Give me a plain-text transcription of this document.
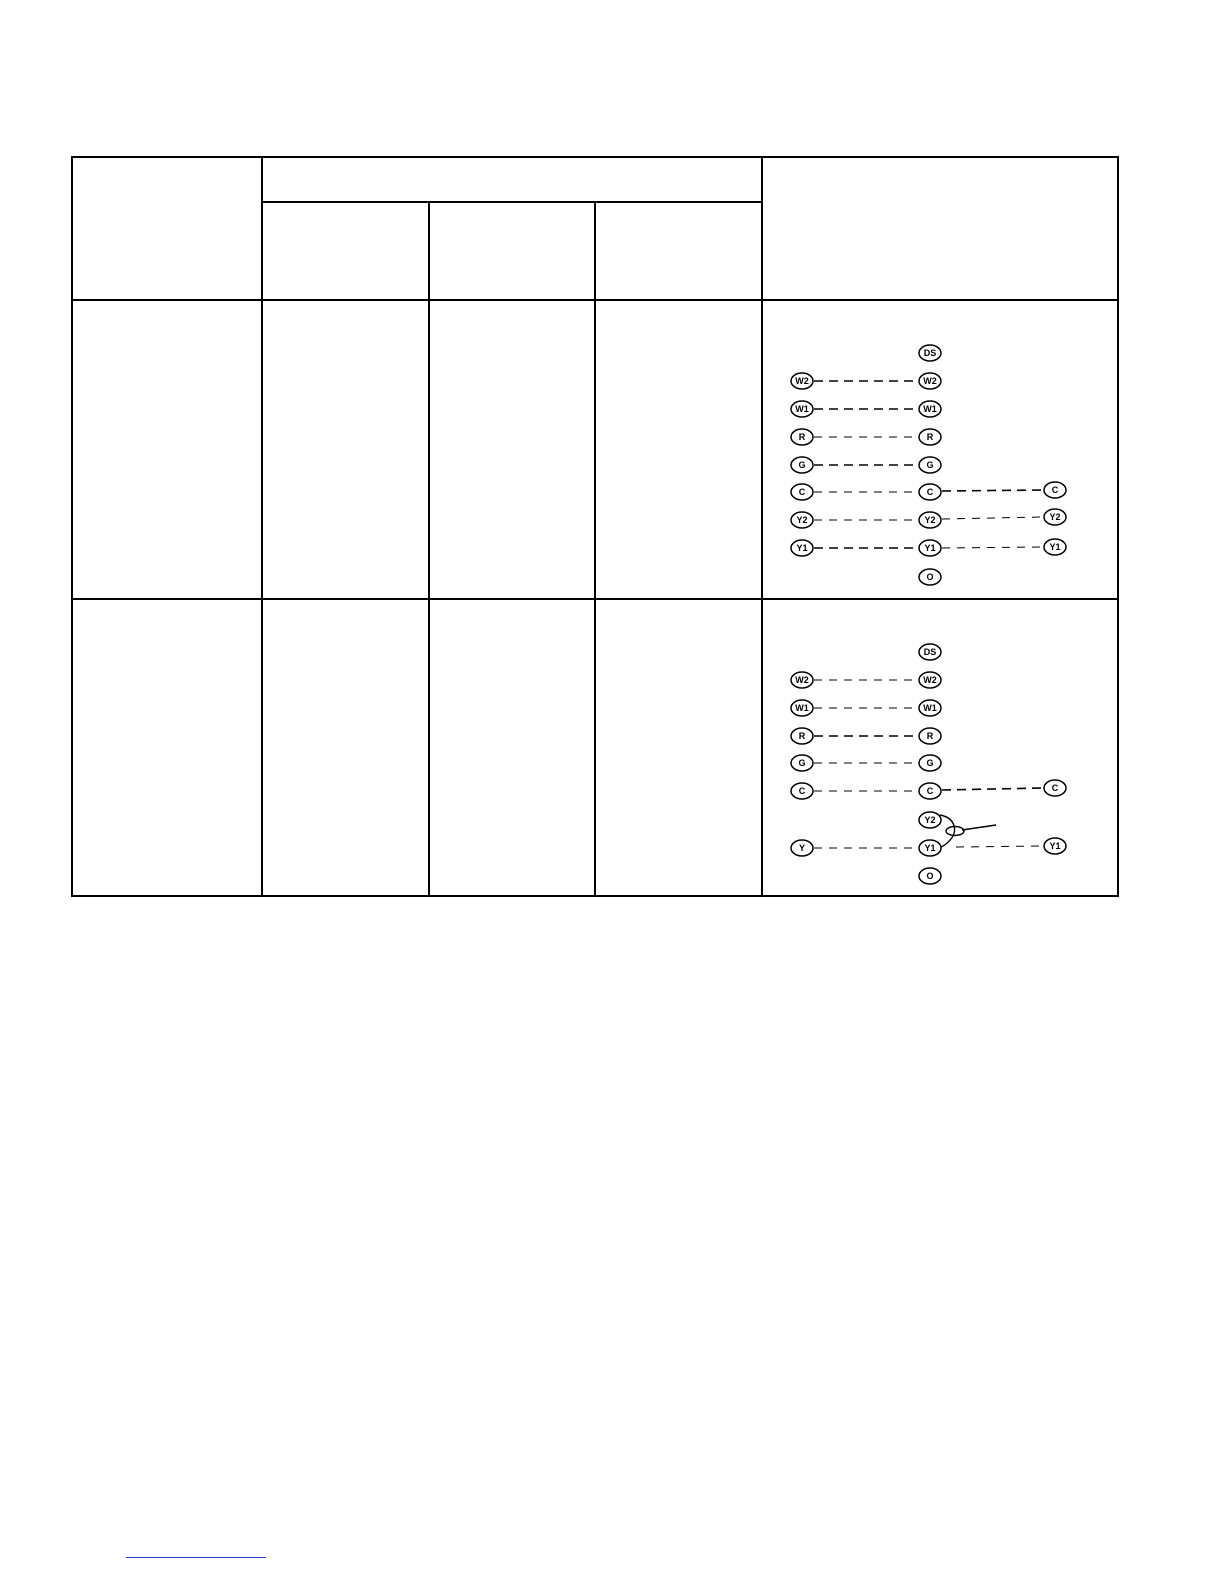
W2
W1
R
G
C
Y2
Y1
DS
W2
W1
R
G
C
Y2
Y1
O
C
Y2
Y1
W2
W1
R
G
C
Y
DS
W2
W1
R
G
C
Y2
Y1
O
C
Y1
